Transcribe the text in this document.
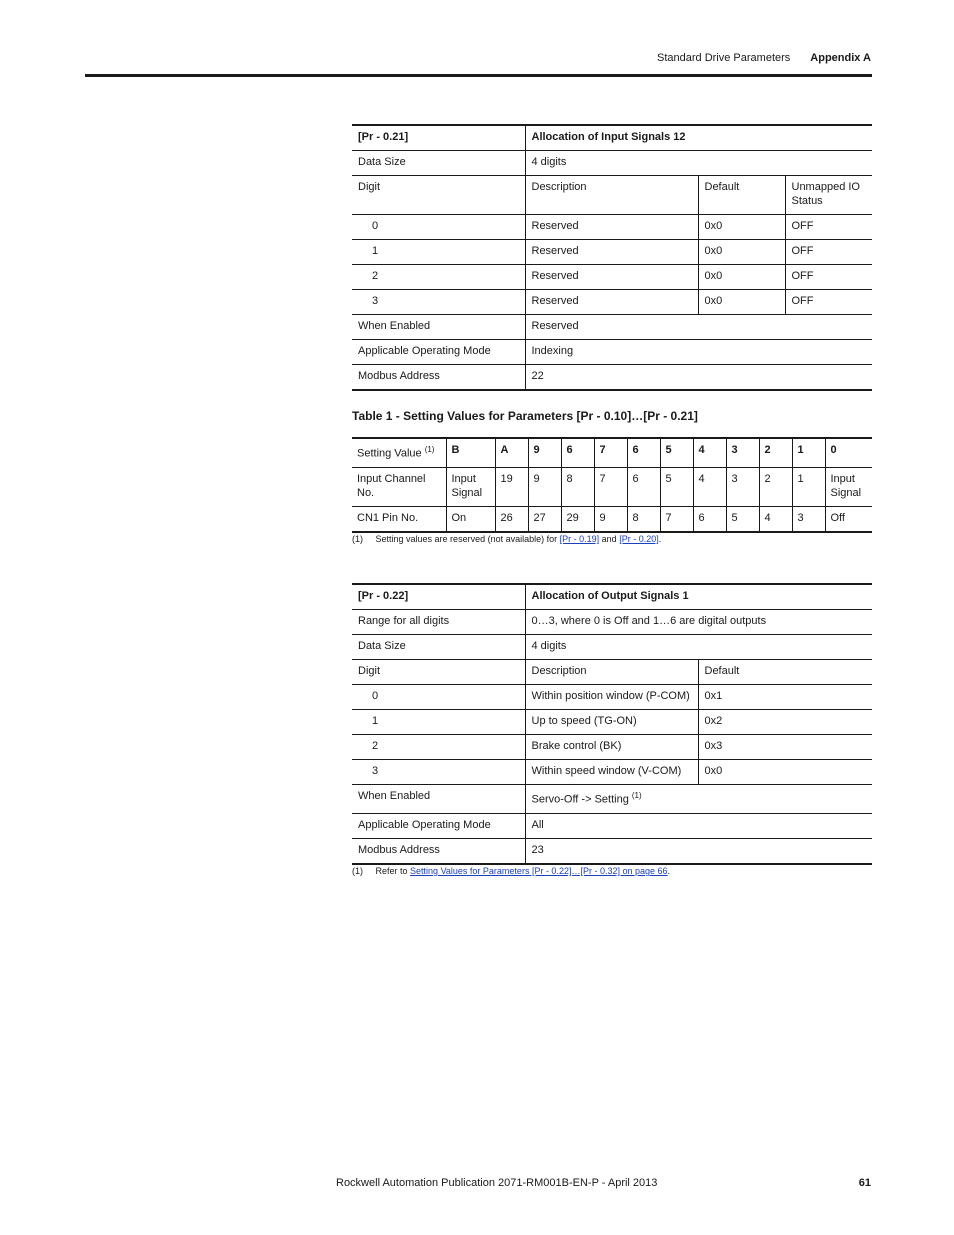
Standard Drive Parameters Appendix A
[Pr - 0.21]	Allocation of Input Signals 12		
Data Size	4 digits		
Digit	Description	Default	Unmapped IO Status
0	Reserved	0x0	OFF
1	Reserved	0x0	OFF
2	Reserved	0x0	OFF
3	Reserved	0x0	OFF
When Enabled	Reserved		
Applicable Operating Mode	Indexing		
Modbus Address	22		
Table 1 - Setting Values for Parameters [Pr - 0.10]…[Pr - 0.21]
Setting Value $^{(1)}$	B	A	9	6	7	6	5	4	3	2	1	0
Input Channel No.	Input Signal	19	9	8	7	6	5	4	3	2	1	Input Signal
CN1 Pin No.	On	26	27	29	9	8	7	6	5	4	3	Off
(1) Setting values are reserved (not available) for [Pr - 0.19] and [Pr - 0.20].
[Pr - 0.22]	Allocation of Output Signals 1	
Range for all digits	0…3, where 0 is Off and 1…6 are digital outputs	
Data Size	4 digits	
Digit	Description	Default
0	Within position window (P-COM)	0x1
1	Up to speed (TG-ON)	0x2
2	Brake control (BK)	0x3
3	Within speed window (V-COM)	0x0
When Enabled	Servo-Off -> Setting $^{(1)}$
Applicable Operating Mode	All	
Modbus Address	23	
(1) Refer to Setting Values for Parameters [Pr - 0.22]…[Pr - 0.32] on page 66.
Rockwell Automation Publication 2071-RM001B-EN-P - April 2013	61
